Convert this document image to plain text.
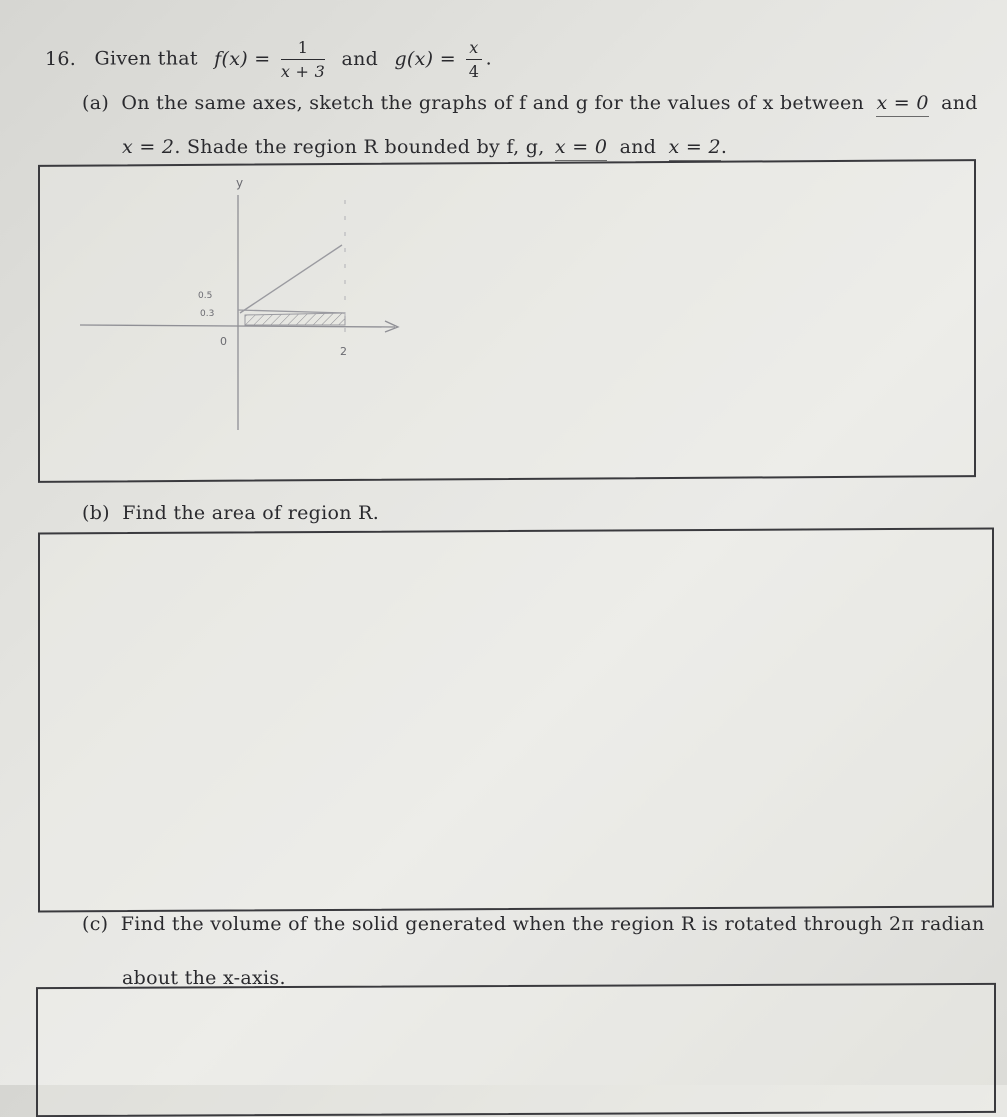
16. Given that $f(x) = \frac{1}{x + 3}$ and $g(x) = \frac{x}{4}$ .
(a) On the same axes, sketch the graphs of f and g for the values of x between x = 0 and
x = 2. Shade the region R bounded by f, g, x = 0 and x = 2.
y
0.5
0.3
0
2
(b) Find the area of region R.
(c) Find the volume of the solid generated when the region R is rotated through 2π radian
about the x-axis.
